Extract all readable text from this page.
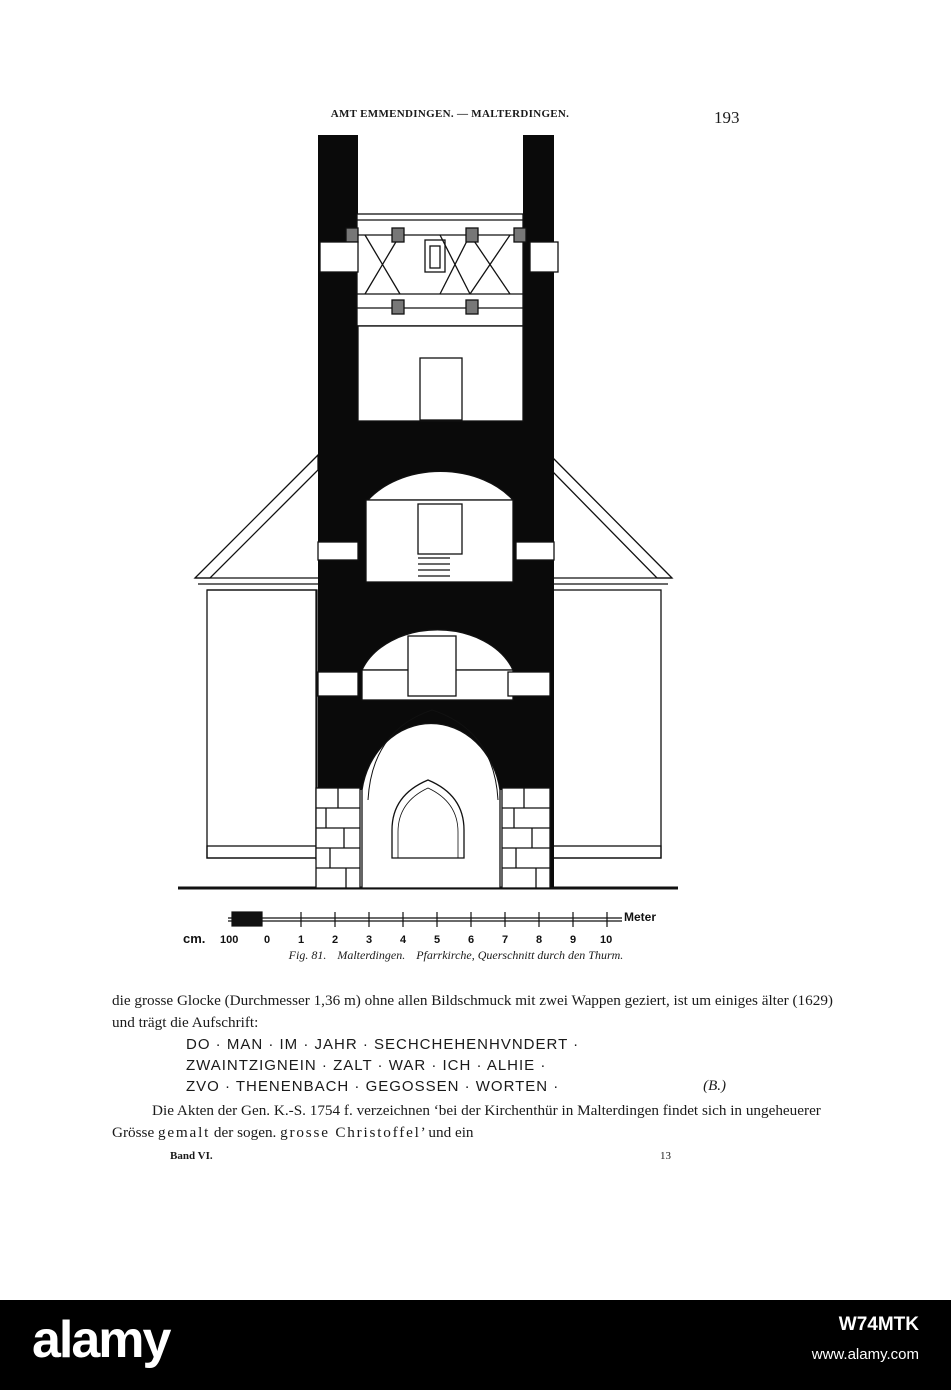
AMT EMMENDINGEN. — MALTERDINGEN.	193
cm.
Meter
100 0	1	2	3	4	5	6	7	8	9 10
Fig. 81. Malterdingen. Pfarrkirche, Querschnitt durch den Thurm.
die grosse Glocke (Durchmesser 1,36 m) ohne allen Bildschmuck mit zwei Wappen geziert, ist um einiges älter (1629) und trägt die Aufschrift:
DO · MAN · IM · JAHR · SECHCHEHENHVNDERT ·
ZWAINTZIGNEIN · ZALT · WAR · ICH · ALHIE ·
ZVO · THENENBACH · GEGOSSEN · WORTEN ·	(B.)
Die Akten der Gen. K.-S. 1754 f. verzeichnen ‘bei der Kirchenthür in Malterdingen findet sich in ungeheuerer Grösse gemalt der sogen. grosse Christoffel’ und ein
Band VI.	13
alamy	W74MTK
www.alamy.com
